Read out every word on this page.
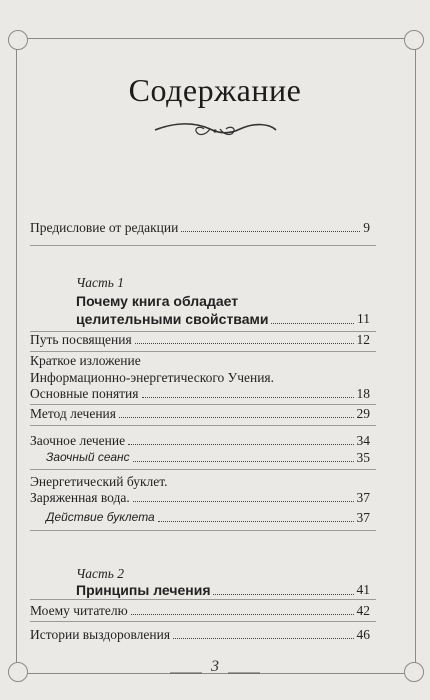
Содержание
Предисловие от редакции	9
Часть 1
Почему книга обладает
целительными свойствами	11
Путь посвящения	12
Краткое изложение
Информационно-энергетического Учения.
Основные понятия	18
Метод лечения	29
Заочное лечение	34
Заочный сеанс	35
Энергетический буклет.
Заряженная вода.	37
Действие буклета	37
Часть 2
Принципы лечения	41
Моему читателю	42
Истории выздоровления	46
3
